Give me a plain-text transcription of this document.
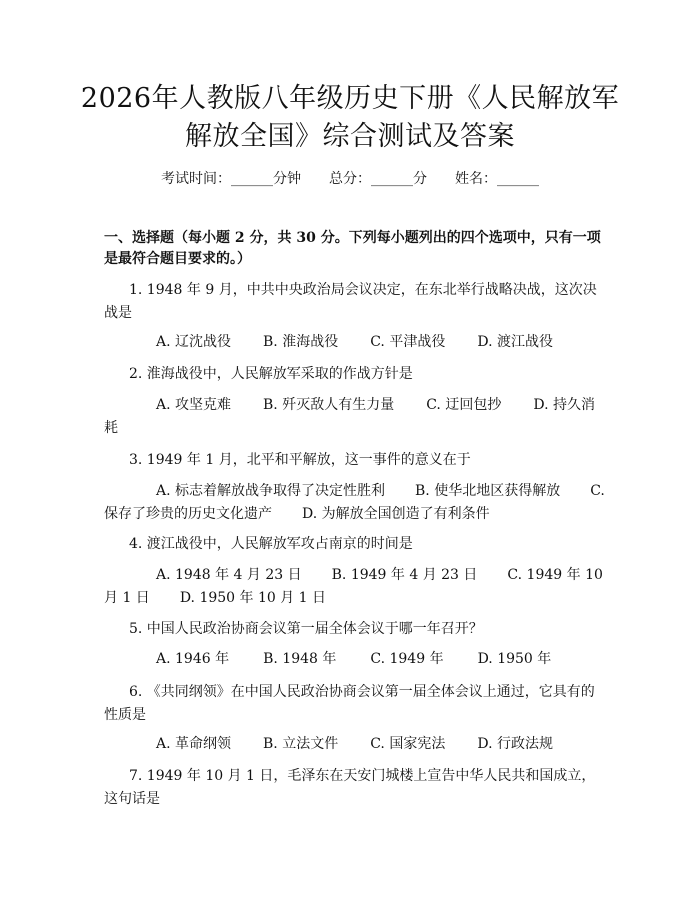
2026年人教版八年级历史下册《人民解放军
解放全国》综合测试及答案
考试时间：______分钟 总分：______分 姓名：______

一、选择题（每小题 2 分，共 30 分。下列每小题列出的四个选项中，只有一项是最符合题目要求的。）

1. 1948 年 9 月，中共中央政治局会议决定，在东北举行战略决战，这次决战是

A. 辽沈战役 B. 淮海战役 C. 平津战役 D. 渡江战役

2. 淮海战役中，人民解放军采取的作战方针是

A. 攻坚克难 B. 歼灭敌人有生力量 C. 迂回包抄 D. 持久消耗

3. 1949 年 1 月，北平和平解放，这一事件的意义在于

A. 标志着解放战争取得了决定性胜利 B. 使华北地区获得解放 C. 保存了珍贵的历史文化遗产 D. 为解放全国创造了有利条件

4. 渡江战役中，人民解放军攻占南京的时间是

A. 1948 年 4 月 23 日 B. 1949 年 4 月 23 日 C. 1949 年 10 月 1 日 D. 1950 年 10 月 1 日

5. 中国人民政治协商会议第一届全体会议于哪一年召开？

A. 1946 年 B. 1948 年 C. 1949 年 D. 1950 年

6. 《共同纲领》在中国人民政治协商会议第一届全体会议上通过，它具有的性质是

A. 革命纲领 B. 立法文件 C. 国家宪法 D. 行政法规

7. 1949 年 10 月 1 日，毛泽东在天安门城楼上宣告中华人民共和国成立，这句话是
